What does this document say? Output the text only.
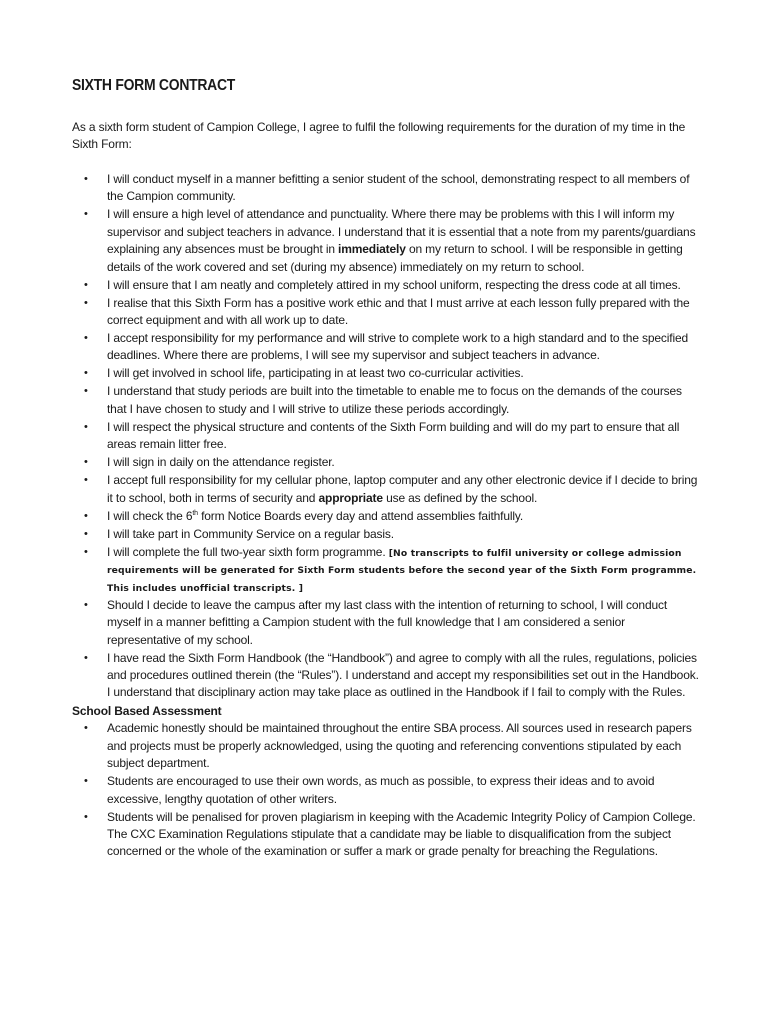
SIXTH FORM CONTRACT

As a sixth form student of Campion College, I agree to fulfil the following requirements for the duration of my time in the Sixth Form:

• I will conduct myself in a manner befitting a senior student of the school, demonstrating respect to all members of the Campion community.
• I will ensure a high level of attendance and punctuality. Where there may be problems with this I will inform my supervisor and subject teachers in advance. I understand that it is essential that a note from my parents/guardians explaining any absences must be brought in immediately on my return to school. I will be responsible in getting details of the work covered and set (during my absence) immediately on my return to school.
• I will ensure that I am neatly and completely attired in my school uniform, respecting the dress code at all times.
• I realise that this Sixth Form has a positive work ethic and that I must arrive at each lesson fully prepared with the correct equipment and with all work up to date.
• I accept responsibility for my performance and will strive to complete work to a high standard and to the specified deadlines. Where there are problems, I will see my supervisor and subject teachers in advance.
• I will get involved in school life, participating in at least two co-curricular activities.
• I understand that study periods are built into the timetable to enable me to focus on the demands of the courses that I have chosen to study and I will strive to utilize these periods accordingly.
• I will respect the physical structure and contents of the Sixth Form building and will do my part to ensure that all areas remain litter free.
• I will sign in daily on the attendance register.
• I accept full responsibility for my cellular phone, laptop computer and any other electronic device if I decide to bring it to school, both in terms of security and appropriate use as defined by the school.
• I will check the 6th form Notice Boards every day and attend assemblies faithfully.
• I will take part in Community Service on a regular basis.
• I will complete the full two-year sixth form programme. [No transcripts to fulfil university or college admission requirements will be generated for Sixth Form students before the second year of the Sixth Form programme. This includes unofficial transcripts. ]
• Should I decide to leave the campus after my last class with the intention of returning to school, I will conduct myself in a manner befitting a Campion student with the full knowledge that I am considered a senior representative of my school.
• I have read the Sixth Form Handbook (the “Handbook”) and agree to comply with all the rules, regulations, policies and procedures outlined therein (the “Rules”). I understand and accept my responsibilities set out in the Handbook. I understand that disciplinary action may take place as outlined in the Handbook if I fail to comply with the Rules.

School Based Assessment

• Academic honestly should be maintained throughout the entire SBA process. All sources used in research papers and projects must be properly acknowledged, using the quoting and referencing conventions stipulated by each subject department.
• Students are encouraged to use their own words, as much as possible, to express their ideas and to avoid excessive, lengthy quotation of other writers.
• Students will be penalised for proven plagiarism in keeping with the Academic Integrity Policy of Campion College. The CXC Examination Regulations stipulate that a candidate may be liable to disqualification from the subject concerned or the whole of the examination or suffer a mark or grade penalty for breaching the Regulations.
